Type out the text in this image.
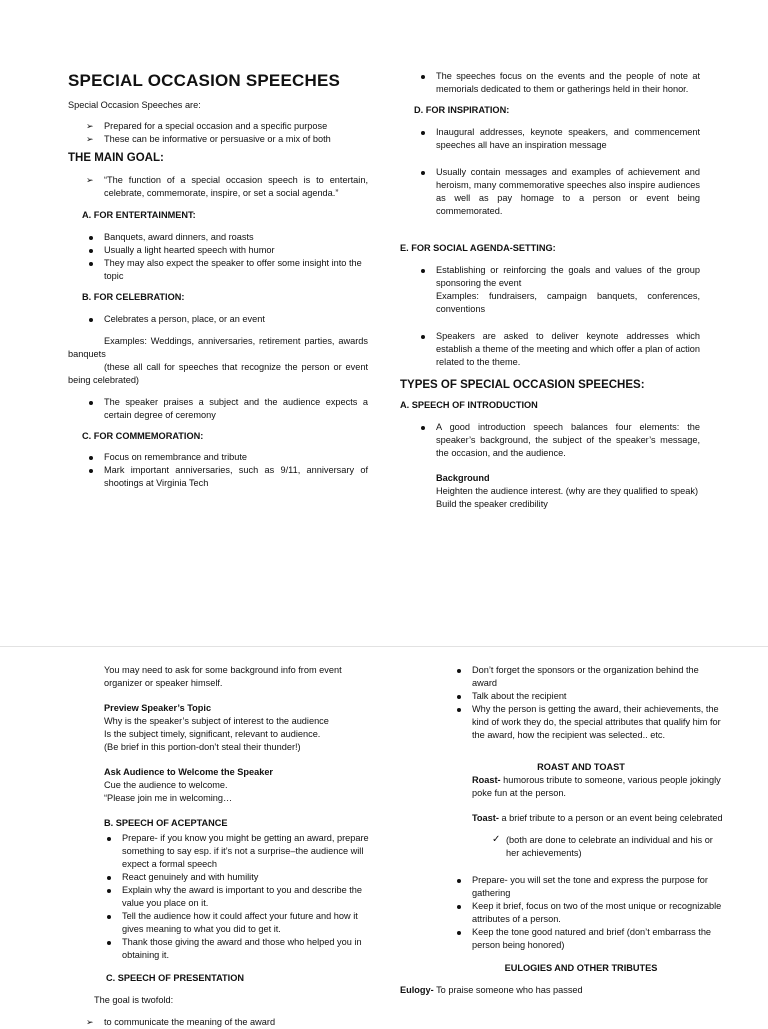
SPECIAL OCCASION SPEECHES

Special Occasion Speeches are:

➢ Prepared for a special occasion and a specific purpose
➢ These can be informative or persuasive or a mix of both
THE MAIN GOAL:
➢ “The function of a special occasion speech is to entertain, celebrate, commemorate, inspire, or set a social agenda.”
A. FOR ENTERTAINMENT:
Banquets, award dinners, and roasts
Usually a light hearted speech with humor
They may also expect the speaker to offer some insight into the topic
B. FOR CELEBRATION:
Celebrates a person, place, or an event

Examples: Weddings, anniversaries, retirement parties, awards banquets

(these all call for speeches that recognize the person or event being celebrated)

The speaker praises a subject and the audience expects a certain degree of ceremony
C. FOR COMMEMORATION:
Focus on remembrance and tribute
Mark important anniversaries, such as 9/11, anniversary of shootings at Virginia Tech
The speeches focus on the events and the people of note at memorials dedicated to them or gatherings held in their honor.
D. FOR INSPIRATION:
Inaugural addresses, keynote speakers, and commencement speeches all have an inspiration message
Usually contain messages and examples of achievement and heroism, many commemorative speeches also inspire audiences as well as pay homage to a person or event being commemorated.
E. FOR SOCIAL AGENDA-SETTING:
Establishing or reinforcing the goals and values of the group sponsoring the event
Examples: fundraisers, campaign banquets, conferences, conventions
Speakers are asked to deliver keynote addresses which establish a theme of the meeting and which offer a plan of action related to the theme.
TYPES OF SPECIAL OCCASION SPEECHES:
A. SPEECH OF INTRODUCTION
A good introduction speech balances four elements: the speaker’s background, the subject of the speaker’s message, the occasion, and the audience.

Background

Heighten the audience interest. (why are they qualified to speak) Build the speaker credibility

You may need to ask for some background info from event organizer or speaker himself.

Preview Speaker’s Topic

Why is the speaker’s subject of interest to the audience

Is the subject timely, significant, relevant to audience.

(Be brief in this portion-don’t steal their thunder!)

Ask Audience to Welcome the Speaker

Cue the audience to welcome.

“Please join me in welcoming…

B. SPEECH OF ACEPTANCE
Prepare- if you know you might be getting an award, prepare something to say esp. if it’s not a surprise–the audience will expect a formal speech
React genuinely and with humility
Explain why the award is important to you and describe the value you place on it.
Tell the audience how it could affect your future and how it gives meaning to what you did to get it.
Thank those giving the award and those who helped you in obtaining it.
C. SPEECH OF PRESENTATION

The goal is twofold:

➢ to communicate the meaning of the award
Don’t forget the sponsors or the organization behind the award
Talk about the recipient
Why the person is getting the award, their achievements, the kind of work they do, the special attributes that qualify him for the award, how the recipient was selected.. etc.
ROAST AND TOAST

Roast- humorous tribute to someone, various people jokingly poke fun at the person.

Toast- a brief tribute to a person or an event being celebrated

✓ (both are done to celebrate an individual and his or her achievements)
Prepare- you will set the tone and express the purpose for gathering
Keep it brief, focus on two of the most unique or recognizable attributes of a person.
Keep the tone good natured and brief (don’t embarrass the person being honored)
EULOGIES AND OTHER TRIBUTES

Eulogy- To praise someone who has passed
